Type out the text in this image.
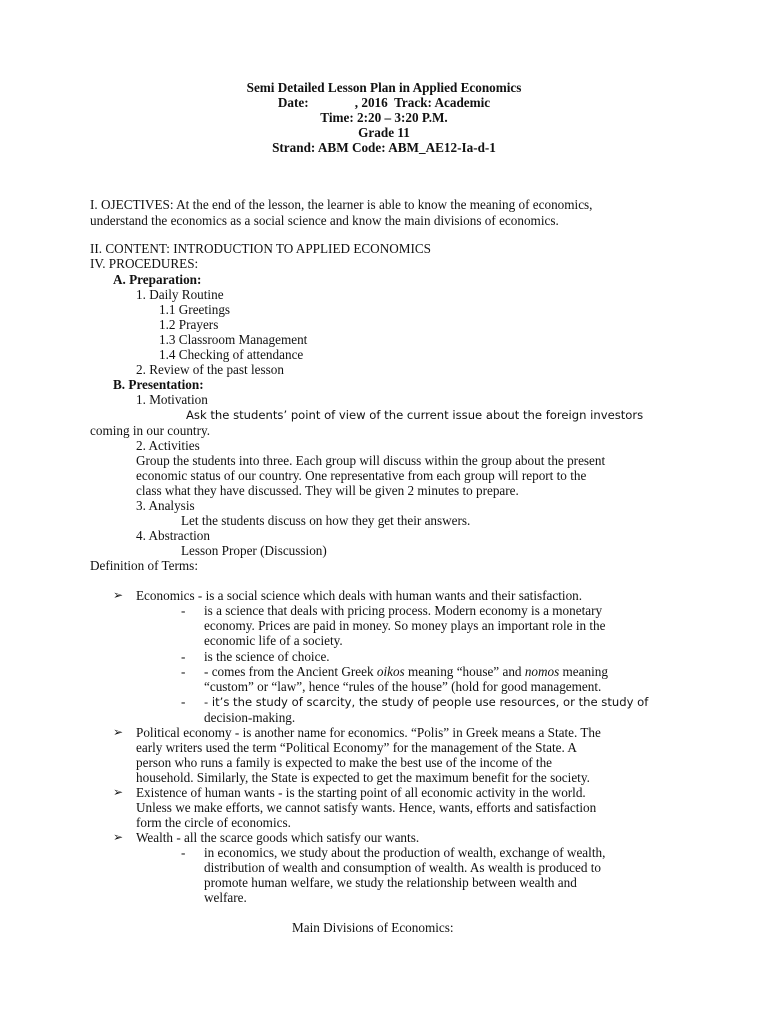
Semi Detailed Lesson Plan in Applied Economics
Date:              , 2016  Track: Academic
Time: 2:20 – 3:20 P.M.
Grade 11
Strand: ABM Code: ABM_AE12-Ia-d-1
I. OJECTIVES: At the end of the lesson, the learner is able to know the meaning of economics,
understand the economics as a social science and know the main divisions of economics.
II. CONTENT: INTRODUCTION TO APPLIED ECONOMICS
IV. PROCEDURES:
A. Preparation:
1. Daily Routine
1.1 Greetings
1.2 Prayers
1.3 Classroom Management
1.4 Checking of attendance
2. Review of the past lesson
B. Presentation:
1. Motivation
Ask the students’ point of view of the current issue about the foreign investors
coming in our country.
2. Activities
Group the students into three. Each group will discuss within the group about the present
economic status of our country. One representative from each group will report to the
class what they have discussed. They will be given 2 minutes to prepare.
3. Analysis
Let the students discuss on how they get their answers.
4. Abstraction
Lesson Proper (Discussion)
Definition of Terms:
➢ Economics - is a social science which deals with human wants and their satisfaction.
- is a science that deals with pricing process. Modern economy is a monetary
economy. Prices are paid in money. So money plays an important role in the
economic life of a society.
- is the science of choice.
- - comes from the Ancient Greek oikos meaning “house” and nomos meaning
“custom” or “law”, hence “rules of the house” (hold for good management.
- - it’s the study of scarcity, the study of people use resources, or the study of
decision-making.
➢ Political economy - is another name for economics. “Polis” in Greek means a State. The
early writers used the term “Political Economy” for the management of the State. A
person who runs a family is expected to make the best use of the income of the
household. Similarly, the State is expected to get the maximum benefit for the society.
➢ Existence of human wants - is the starting point of all economic activity in the world.
Unless we make efforts, we cannot satisfy wants. Hence, wants, efforts and satisfaction
form the circle of economics.
➢ Wealth - all the scarce goods which satisfy our wants.
- in economics, we study about the production of wealth, exchange of wealth,
distribution of wealth and consumption of wealth. As wealth is produced to
promote human welfare, we study the relationship between wealth and
welfare.
Main Divisions of Economics:
